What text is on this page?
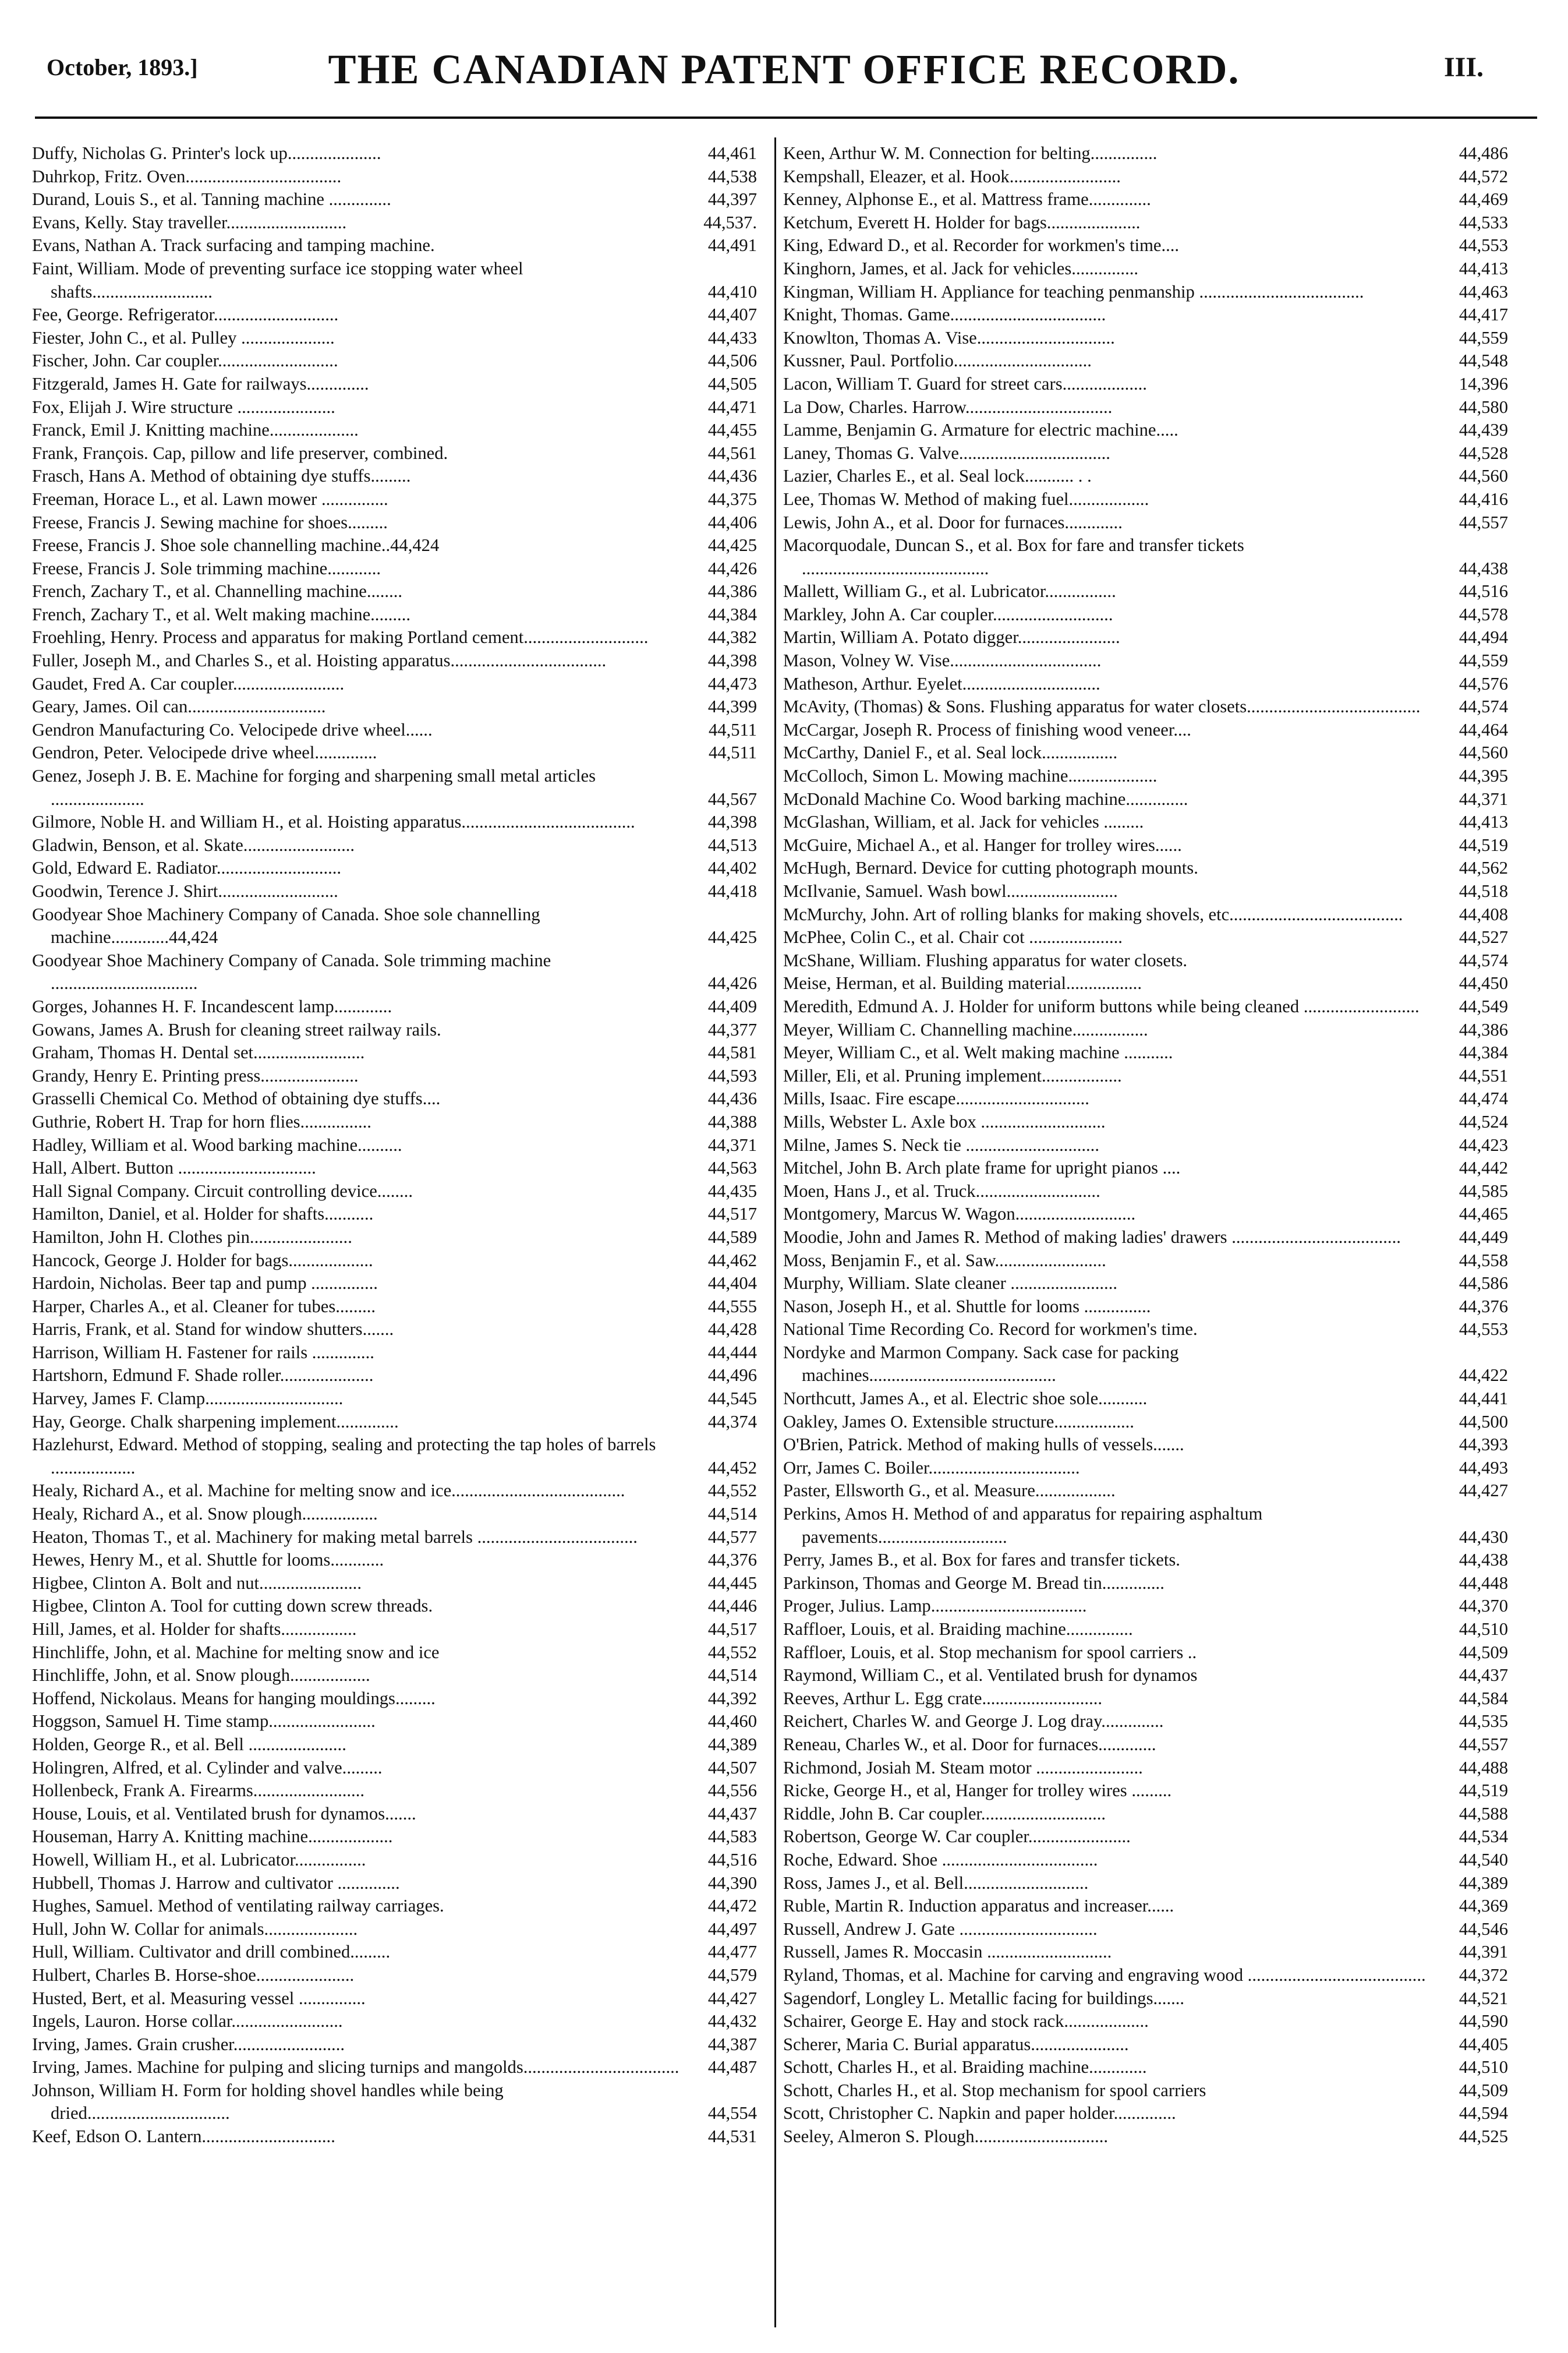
October, 1893.]	THE CANADIAN PATENT OFFICE RECORD.	III.
Duffy, Nicholas G. Printer's lock up.....................	44,461
Duhrkop, Fritz. Oven...................................	44,538
Durand, Louis S., et al. Tanning machine ..............	44,397
Evans, Kelly. Stay traveller...........................	44,537.
Evans, Nathan A. Track surfacing and tamping machine.	44,491
Faint, William. Mode of preventing surface ice stopping water wheel shafts...........................	44,410
Fee, George. Refrigerator............................	44,407
Fiester, John C., et al. Pulley .....................	44,433
Fischer, John. Car coupler...........................	44,506
Fitzgerald, James H. Gate for railways..............	44,505
Fox, Elijah J. Wire structure ......................	44,471
Franck, Emil J. Knitting machine....................	44,455
Frank, François. Cap, pillow and life preserver, combined.	44,561
Frasch, Hans A. Method of obtaining dye stuffs.........	44,436
Freeman, Horace L., et al. Lawn mower ...............	44,375
Freese, Francis J. Sewing machine for shoes.........	44,406
Freese, Francis J. Shoe sole channelling machine..44,424	44,425
Freese, Francis J. Sole trimming machine............	44,426
French, Zachary T., et al. Channelling machine........	44,386
French, Zachary T., et al. Welt making machine.........	44,384
Froehling, Henry. Process and apparatus for making Portland cement............................	44,382
Fuller, Joseph M., and Charles S., et al. Hoisting apparatus...................................	44,398
Gaudet, Fred A. Car coupler.........................	44,473
Geary, James. Oil can...............................	44,399
Gendron Manufacturing Co. Velocipede drive wheel......	44,511
Gendron, Peter. Velocipede drive wheel..............	44,511
Genez, Joseph J. B. E. Machine for forging and sharpening small metal articles .....................	44,567
Gilmore, Noble H. and William H., et al. Hoisting apparatus.......................................	44,398
Gladwin, Benson, et al. Skate.........................	44,513
Gold, Edward E. Radiator............................	44,402
Goodwin, Terence J. Shirt...........................	44,418
Goodyear Shoe Machinery Company of Canada. Shoe sole channelling machine.............44,424	44,425
Goodyear Shoe Machinery Company of Canada. Sole trimming machine .................................	44,426
Gorges, Johannes H. F. Incandescent lamp.............	44,409
Gowans, James A. Brush for cleaning street railway rails.	44,377
Graham, Thomas H. Dental set.........................	44,581
Grandy, Henry E. Printing press......................	44,593
Grasselli Chemical Co. Method of obtaining dye stuffs....	44,436
Guthrie, Robert H. Trap for horn flies................	44,388
Hadley, William et al. Wood barking machine..........	44,371
Hall, Albert. Button ...............................	44,563
Hall Signal Company. Circuit controlling device........	44,435
Hamilton, Daniel, et al. Holder for shafts...........	44,517
Hamilton, John H. Clothes pin.......................	44,589
Hancock, George J. Holder for bags...................	44,462
Hardoin, Nicholas. Beer tap and pump ...............	44,404
Harper, Charles A., et al. Cleaner for tubes.........	44,555
Harris, Frank, et al. Stand for window shutters.......	44,428
Harrison, William H. Fastener for rails ..............	44,444
Hartshorn, Edmund F. Shade roller.....................	44,496
Harvey, James F. Clamp...............................	44,545
Hay, George. Chalk sharpening implement..............	44,374
Hazlehurst, Edward. Method of stopping, sealing and protecting the tap holes of barrels ...................	44,452
Healy, Richard A., et al. Machine for melting snow and ice.......................................	44,552
Healy, Richard A., et al. Snow plough.................	44,514
Heaton, Thomas T., et al. Machinery for making metal barrels ....................................	44,577
Hewes, Henry M., et al. Shuttle for looms............	44,376
Higbee, Clinton A. Bolt and nut.......................	44,445
Higbee, Clinton A. Tool for cutting down screw threads.	44,446
Hill, James, et al. Holder for shafts.................	44,517
Hinchliffe, John, et al. Machine for melting snow and ice	44,552
Hinchliffe, John, et al. Snow plough..................	44,514
Hoffend, Nickolaus. Means for hanging mouldings.........	44,392
Hoggson, Samuel H. Time stamp........................	44,460
Holden, George R., et al. Bell ......................	44,389
Holingren, Alfred, et al. Cylinder and valve.........	44,507
Hollenbeck, Frank A. Firearms.........................	44,556
House, Louis, et al. Ventilated brush for dynamos.......	44,437
Houseman, Harry A. Knitting machine...................	44,583
Howell, William H., et al. Lubricator................	44,516
Hubbell, Thomas J. Harrow and cultivator ..............	44,390
Hughes, Samuel. Method of ventilating railway carriages.	44,472
Hull, John W. Collar for animals.....................	44,497
Hull, William. Cultivator and drill combined.........	44,477
Hulbert, Charles B. Horse-shoe......................	44,579
Husted, Bert, et al. Measuring vessel ...............	44,427
Ingels, Lauron. Horse collar.........................	44,432
Irving, James. Grain crusher.........................	44,387
Irving, James. Machine for pulping and slicing turnips and mangolds...................................	44,487
Johnson, William H. Form for holding shovel handles while being dried................................	44,554
Keef, Edson O. Lantern..............................	44,531
Keen, Arthur W. M. Connection for belting...............	44,486
Kempshall, Eleazer, et al. Hook.........................	44,572
Kenney, Alphonse E., et al. Mattress frame..............	44,469
Ketchum, Everett H. Holder for bags.....................	44,533
King, Edward D., et al. Recorder for workmen's time....	44,553
Kinghorn, James, et al. Jack for vehicles...............	44,413
Kingman, William H. Appliance for teaching penmanship .....................................	44,463
Knight, Thomas. Game...................................	44,417
Knowlton, Thomas A. Vise...............................	44,559
Kussner, Paul. Portfolio...............................	44,548
Lacon, William T. Guard for street cars...................	14,396
La Dow, Charles. Harrow.................................	44,580
Lamme, Benjamin G. Armature for electric machine.....	44,439
Laney, Thomas G. Valve..................................	44,528
Lazier, Charles E., et al. Seal lock........... . .	44,560
Lee, Thomas W. Method of making fuel..................	44,416
Lewis, John A., et al. Door for furnaces.............	44,557
Macorquodale, Duncan S., et al. Box for fare and transfer tickets ..........................................	44,438
Mallett, William G., et al. Lubricator................	44,516
Markley, John A. Car coupler...........................	44,578
Martin, William A. Potato digger.......................	44,494
Mason, Volney W. Vise..................................	44,559
Matheson, Arthur. Eyelet...............................	44,576
McAvity, (Thomas) & Sons. Flushing apparatus for water closets.......................................	44,574
McCargar, Joseph R. Process of finishing wood veneer....	44,464
McCarthy, Daniel F., et al. Seal lock.................	44,560
McColloch, Simon L. Mowing machine....................	44,395
McDonald Machine Co. Wood barking machine..............	44,371
McGlashan, William, et al. Jack for vehicles .........	44,413
McGuire, Michael A., et al. Hanger for trolley wires......	44,519
McHugh, Bernard. Device for cutting photograph mounts.	44,562
McIlvanie, Samuel. Wash bowl.........................	44,518
McMurchy, John. Art of rolling blanks for making shovels, etc.......................................	44,408
McPhee, Colin C., et al. Chair cot .....................	44,527
McShane, William. Flushing apparatus for water closets.	44,574
Meise, Herman, et al. Building material.................	44,450
Meredith, Edmund A. J. Holder for uniform buttons while being cleaned ..........................	44,549
Meyer, William C. Channelling machine.................	44,386
Meyer, William C., et al. Welt making machine ...........	44,384
Miller, Eli, et al. Pruning implement..................	44,551
Mills, Isaac. Fire escape..............................	44,474
Mills, Webster L. Axle box ............................	44,524
Milne, James S. Neck tie ..............................	44,423
Mitchel, John B. Arch plate frame for upright pianos ....	44,442
Moen, Hans J., et al. Truck............................	44,585
Montgomery, Marcus W. Wagon...........................	44,465
Moodie, John and James R. Method of making ladies' drawers ......................................	44,449
Moss, Benjamin F., et al. Saw.........................	44,558
Murphy, William. Slate cleaner ........................	44,586
Nason, Joseph H., et al. Shuttle for looms ...............	44,376
National Time Recording Co. Record for workmen's time.	44,553
Nordyke and Marmon Company. Sack case for packing machines..........................................	44,422
Northcutt, James A., et al. Electric shoe sole...........	44,441
Oakley, James O. Extensible structure..................	44,500
O'Brien, Patrick. Method of making hulls of vessels.......	44,393
Orr, James C. Boiler..................................	44,493
Paster, Ellsworth G., et al. Measure..................	44,427
Perkins, Amos H. Method of and apparatus for repairing asphaltum pavements.............................	44,430
Perry, James B., et al. Box for fares and transfer tickets.	44,438
Parkinson, Thomas and George M. Bread tin..............	44,448
Proger, Julius. Lamp...................................	44,370
Raffloer, Louis, et al. Braiding machine...............	44,510
Raffloer, Louis, et al. Stop mechanism for spool carriers ..	44,509
Raymond, William C., et al. Ventilated brush for dynamos	44,437
Reeves, Arthur L. Egg crate...........................	44,584
Reichert, Charles W. and George J. Log dray..............	44,535
Reneau, Charles W., et al. Door for furnaces.............	44,557
Richmond, Josiah M. Steam motor ........................	44,488
Ricke, George H., et al, Hanger for trolley wires .........	44,519
Riddle, John B. Car coupler............................	44,588
Robertson, George W. Car coupler.......................	44,534
Roche, Edward. Shoe ...................................	44,540
Ross, James J., et al. Bell............................	44,389
Ruble, Martin R. Induction apparatus and increaser......	44,369
Russell, Andrew J. Gate ...............................	44,546
Russell, James R. Moccasin ............................	44,391
Ryland, Thomas, et al. Machine for carving and engraving wood ........................................	44,372
Sagendorf, Longley L. Metallic facing for buildings.......	44,521
Schairer, George E. Hay and stock rack...................	44,590
Scherer, Maria C. Burial apparatus......................	44,405
Schott, Charles H., et al. Braiding machine.............	44,510
Schott, Charles H., et al. Stop mechanism for spool carriers	44,509
Scott, Christopher C. Napkin and paper holder..............	44,594
Seeley, Almeron S. Plough..............................	44,525
